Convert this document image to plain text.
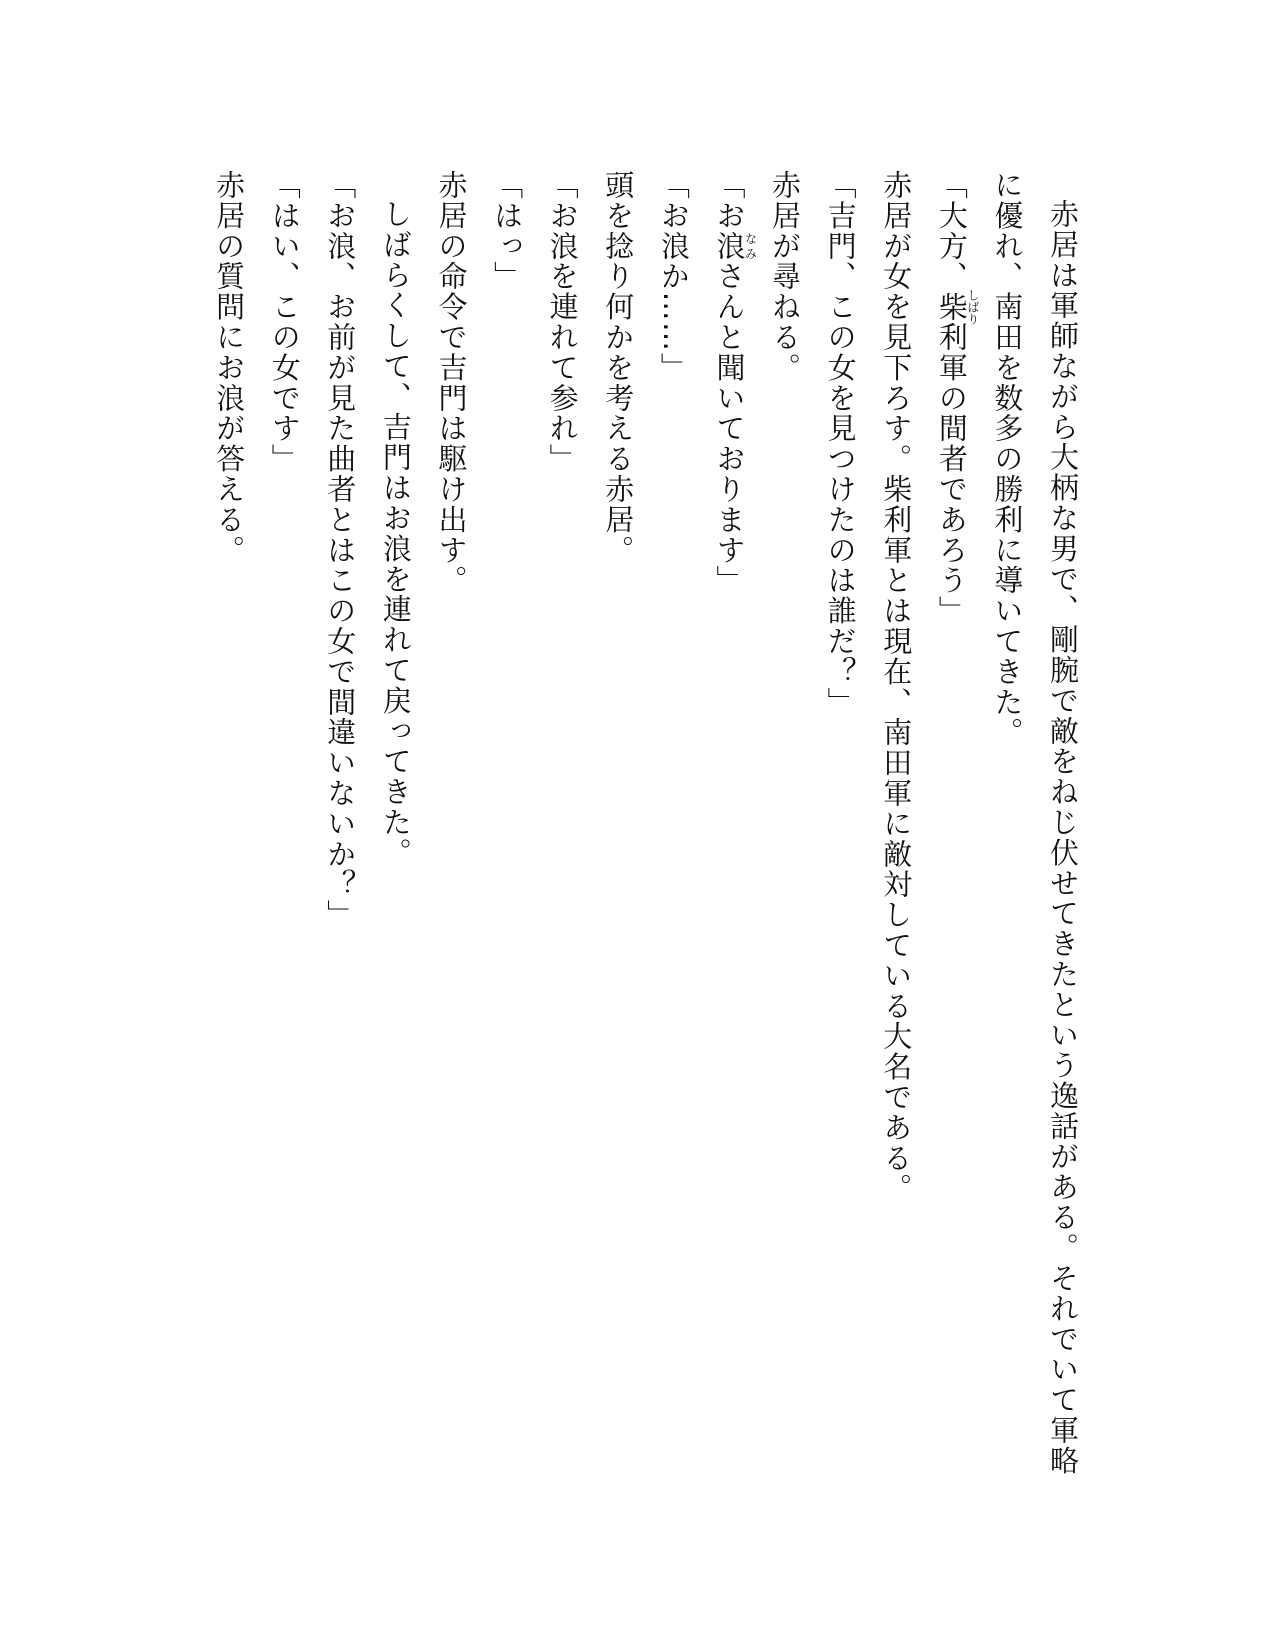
赤居は軍師ながら大柄な男で、剛腕で敵をねじ伏せてきたという逸話がある。それでいて軍略
に優れ、南田を数多の勝利に導いてきた。
「大方、柴しばり利軍の間者であろう」
赤居が女を見下ろす。柴利軍とは現在、南田軍に敵対している大名である。
「吉門、この女を見つけたのは誰だ？」
赤居が尋ねる。
「お浪なみさんと聞いております」
「お浪か……」
頭を捻り何かを考える赤居。
「お浪を連れて参れ」
「はっ」
赤居の命令で吉門は駆け出す。
しばらくして、吉門はお浪を連れて戻ってきた。
「お浪、お前が見た曲者とはこの女で間違いないか？」
「はい、この女です」
赤居の質問にお浪が答える。
